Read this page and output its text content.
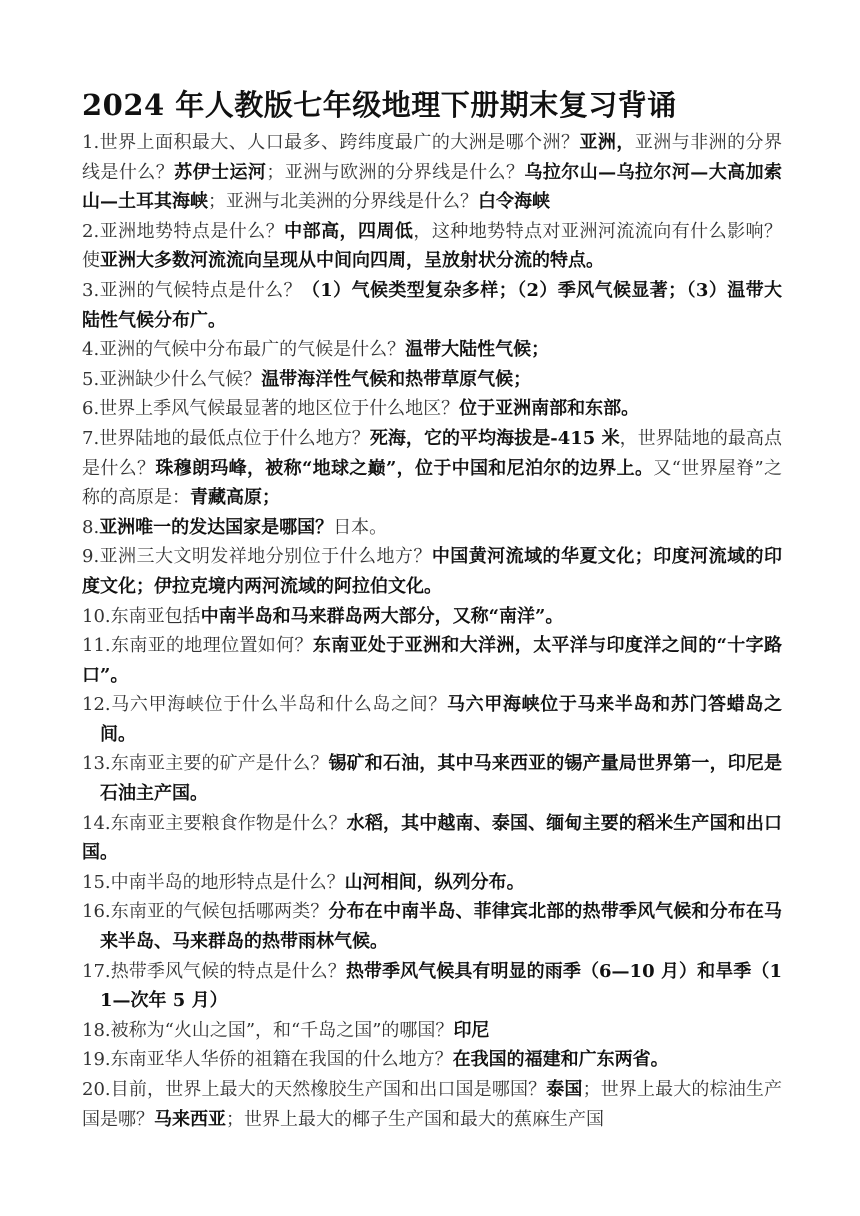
2024 年人教版七年级地理下册期末复习背诵

1.世界上面积最大、人口最多、跨纬度最广的大洲是哪个洲？亚洲，亚洲与非洲的分界线是什么？苏伊士运河；亚洲与欧洲的分界线是什么？乌拉尔山—乌拉尔河—大高加索山—土耳其海峡；亚洲与北美洲的分界线是什么？白令海峡

2.亚洲地势特点是什么？中部高，四周低，这种地势特点对亚洲河流流向有什么影响？使亚洲大多数河流流向呈现从中间向四周，呈放射状分流的特点。

3.亚洲的气候特点是什么？（1）气候类型复杂多样；（2）季风气候显著；（3）温带大陆性气候分布广。

4.亚洲的气候中分布最广的气候是什么？温带大陆性气候；

5.亚洲缺少什么气候？温带海洋性气候和热带草原气候；

6.世界上季风气候最显著的地区位于什么地区？位于亚洲南部和东部。

7.世界陆地的最低点位于什么地方？死海，它的平均海拔是-415 米，世界陆地的最高点是什么？珠穆朗玛峰，被称“地球之巅”，位于中国和尼泊尔的边界上。又“世界屋脊”之称的高原是：青藏高原；

8.亚洲唯一的发达国家是哪国？日本。

9.亚洲三大文明发祥地分别位于什么地方？中国黄河流域的华夏文化；印度河流域的印度文化；伊拉克境内两河流域的阿拉伯文化。

10.东南亚包括中南半岛和马来群岛两大部分，又称“南洋”。

11.东南亚的地理位置如何？东南亚处于亚洲和大洋洲，太平洋与印度洋之间的“十字路口”。

12.马六甲海峡位于什么半岛和什么岛之间？马六甲海峡位于马来半岛和苏门答蜡岛之间。

13.东南亚主要的矿产是什么？锡矿和石油，其中马来西亚的锡产量局世界第一，印尼是石油主产国。

14.东南亚主要粮食作物是什么？水稻，其中越南、泰国、缅甸主要的稻米生产国和出口国。

15.中南半岛的地形特点是什么？山河相间，纵列分布。

16.东南亚的气候包括哪两类？分布在中南半岛、菲律宾北部的热带季风气候和分布在马来半岛、马来群岛的热带雨林气候。

17.热带季风气候的特点是什么？热带季风气候具有明显的雨季（6—10 月）和旱季（11—次年 5 月）

18.被称为“火山之国”，和“千岛之国”的哪国？印尼

19.东南亚华人华侨的祖籍在我国的什么地方？在我国的福建和广东两省。

20.目前，世界上最大的天然橡胶生产国和出口国是哪国？泰国；世界上最大的棕油生产国是哪？马来西亚；世界上最大的椰子生产国和最大的蕉麻生产国
